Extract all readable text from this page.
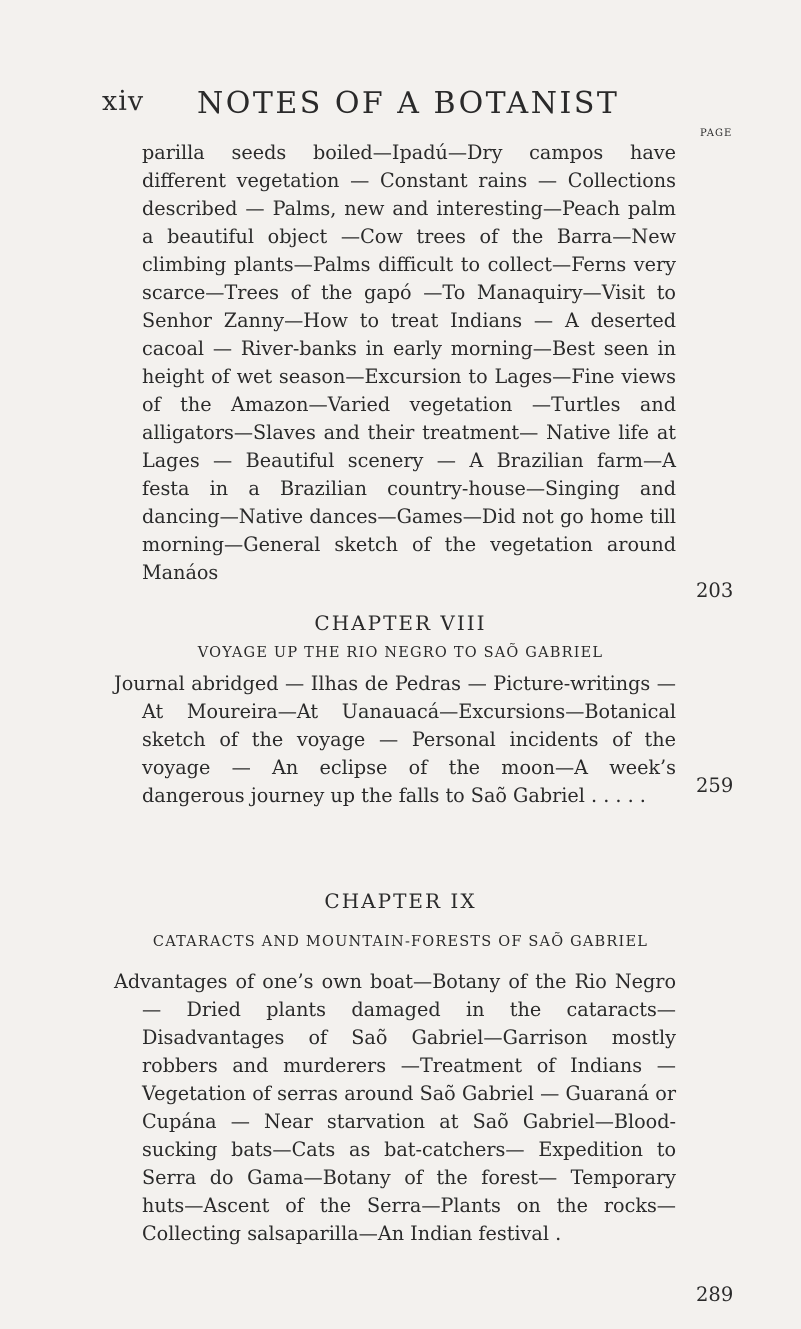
xiv NOTES OF A BOTANIST
PAGE

parilla seeds boiled—Ipadú—Dry campos have different vegetation — Constant rains — Collections described — Palms, new and interesting—Peach palm a beautiful object —Cow trees of the Barra—New climbing plants—Palms difficult to collect—Ferns very scarce—Trees of the gapó —To Manaquiry—Visit to Senhor Zanny—How to treat Indians — A deserted cacoal — River-banks in early morning—Best seen in height of wet season—Excursion to Lages—Fine views of the Amazon—Varied vegetation —Turtles and alligators—Slaves and their treatment— Native life at Lages — Beautiful scenery — A Brazilian farm—A festa in a Brazilian country-house—Singing and dancing—Native dances—Games—Did not go home till morning—General sketch of the vegetation around Manáos

203
CHAPTER VIII
VOYAGE UP THE RIO NEGRO TO SAÕ GABRIEL

Journal abridged — Ilhas de Pedras — Picture-writings — At Moureira—At Uanauacá—Excursions—Botanical sketch of the voyage — Personal incidents of the voyage — An eclipse of the moon—A week’s dangerous journey up the falls to Saõ Gabriel . . . . .	259
CHAPTER IX
CATARACTS AND MOUNTAIN-FORESTS OF SAÕ GABRIEL

Advantages of one’s own boat—Botany of the Rio Negro— Dried plants damaged in the cataracts—Disadvantages of Saõ Gabriel—Garrison mostly robbers and murderers —Treatment of Indians — Vegetation of serras around Saõ Gabriel — Guaraná or Cupána — Near starvation at Saõ Gabriel—Blood-sucking bats—Cats as bat-catchers— Expedition to Serra do Gama—Botany of the forest— Temporary huts—Ascent of the Serra—Plants on the rocks—Collecting salsaparilla—An Indian festival .

289
